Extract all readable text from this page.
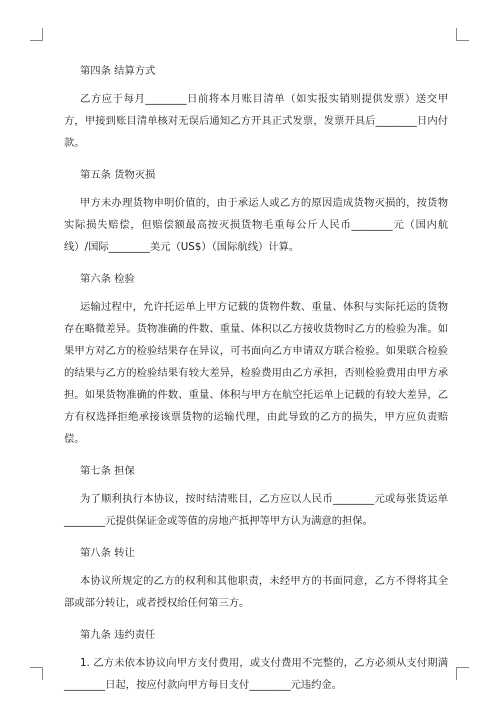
第四条 结算方式

乙方应于每月________日前将本月账目清单（如实报实销则提供发票）送交甲方，甲接到账目清单核对无误后通知乙方开具正式发票，发票开具后________日内付款。

第五条 货物灭损

甲方未办理货物申明价值的，由于承运人或乙方的原因造成货物灭损的，按货物实际损失赔偿，但赔偿额最高按灭损货物毛重每公斤人民币________元（国内航线）/国际________美元（US$）（国际航线）计算。

第六条 检验

运输过程中，允许托运单上甲方记载的货物件数、重量、体积与实际托运的货物存在略微差异。货物准确的件数、重量、体积以乙方接收货物时乙方的检验为准。如果甲方对乙方的检验结果存在异议，可书面向乙方申请双方联合检验。如果联合检验的结果与乙方的检验结果有较大差异，检验费用由乙方承担，否则检验费用由甲方承担。如果货物准确的件数、重量、体积与甲方在航空托运单上记载的有较大差异，乙方有权选择拒绝承接该票货物的运输代理，由此导致的乙方的损失，甲方应负责赔偿。

第七条 担保

为了顺利执行本协议，按时结清账目，乙方应以人民币________元或每张货运单________元提供保证金或等值的房地产抵押等甲方认为满意的担保。

第八条 转让

本协议所规定的乙方的权利和其他职责，未经甲方的书面同意，乙方不得将其全部或部分转让，或者授权给任何第三方。

第九条 违约责任

1. 乙方未依本协议向甲方支付费用，或支付费用不完整的，乙方必须从支付期满________日起，按应付款向甲方每日支付________元违约金。
